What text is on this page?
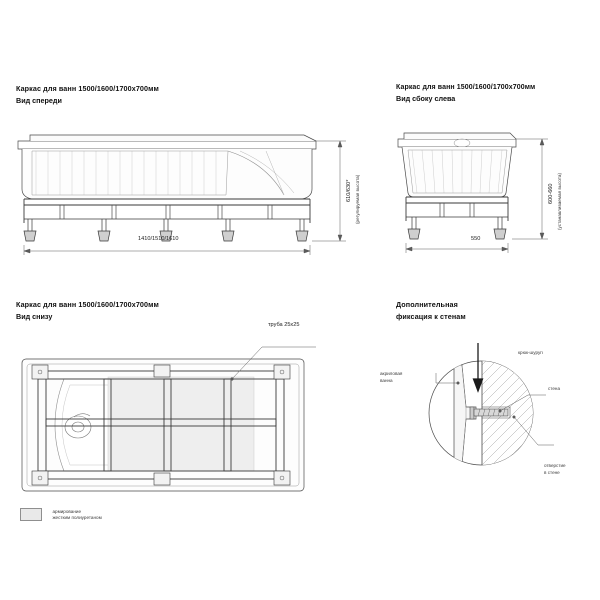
Каркас для ванн 1500/1600/1700х700мм
Вид спереди
1410/1510/1610
610/630* (регулируемая высота)
Каркас для ванн 1500/1600/1700х700мм
Вид сбоку слева
550
600-660 (устанавливаемая высота)
Каркас для ванн 1500/1600/1700х700мм
Вид снизу
труба 25х25
армирование
жестким полиуретаном
Дополнительная
фиксация к стенам
акриловая
ванна
крюк-шуруп
стена
отверстие
в стене
